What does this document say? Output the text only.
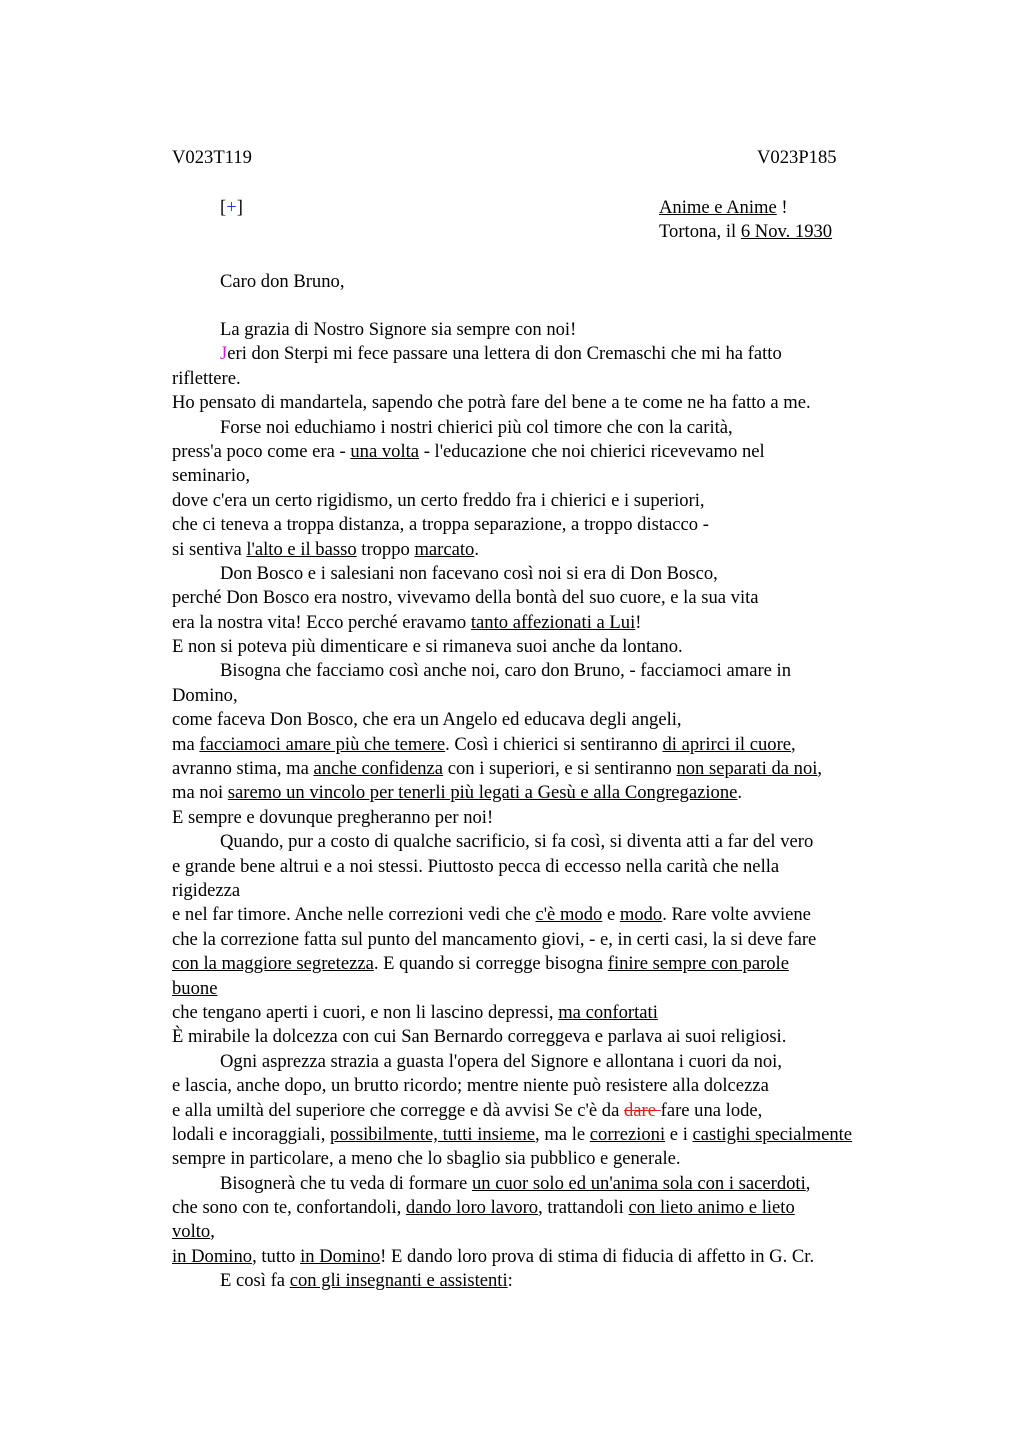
V023T119	V023P185
[+]	Anime e Anime !
Tortona, il 6 Nov. 1930
Caro don Bruno,
La grazia di Nostro Signore sia sempre con noi!
Jeri don Sterpi mi fece passare una lettera di don Cremaschi che mi ha fatto
riflettere.
Ho pensato di mandartela, sapendo che potrà fare del bene a te come ne ha fatto a me.
Forse noi educhiamo i nostri chierici più col timore che con la carità,
press'a poco come era - una volta - l'educazione che noi chierici ricevevamo nel
seminario,
dove c'era un certo rigidismo, un certo freddo fra i chierici e i superiori,
che ci teneva a troppa distanza, a troppa separazione, a troppo distacco -
si sentiva l'alto e il basso troppo marcato.
Don Bosco e i salesiani non facevano così noi si era di Don Bosco,
perché Don Bosco era nostro, vivevamo della bontà del suo cuore, e la sua vita
era la nostra vita! Ecco perché eravamo tanto affezionati a Lui!
E non si poteva più dimenticare e si rimaneva suoi anche da lontano.
Bisogna che facciamo così anche noi, caro don Bruno, - facciamoci amare in
Domino,
come faceva Don Bosco, che era un Angelo ed educava degli angeli,
ma facciamoci amare più che temere. Così i chierici si sentiranno di aprirci il cuore,
avranno stima, ma anche confidenza con i superiori, e si sentiranno non separati da noi,
ma noi saremo un vincolo per tenerli più legati a Gesù e alla Congregazione.
E sempre e dovunque pregheranno per noi!
Quando, pur a costo di qualche sacrificio, si fa così, si diventa atti a far del vero
e grande bene altrui e a noi stessi. Piuttosto pecca di eccesso nella carità che nella
rigidezza
e nel far timore. Anche nelle correzioni vedi che c'è modo e modo. Rare volte avviene
che la correzione fatta sul punto del mancamento giovi, - e, in certi casi, la si deve fare
con la maggiore segretezza. E quando si corregge bisogna finire sempre con parole
buone
che tengano aperti i cuori, e non li lascino depressi, ma confortati
È mirabile la dolcezza con cui San Bernardo correggeva e parlava ai suoi religiosi.
Ogni asprezza strazia a guasta l'opera del Signore e allontana i cuori da noi,
e lascia, anche dopo, un brutto ricordo; mentre niente può resistere alla dolcezza
e alla umiltà del superiore che corregge e dà avvisi Se c'è da dare fare una lode,
lodali e incoraggiali, possibilmente, tutti insieme, ma le correzioni e i castighi specialmente
sempre in particolare, a meno che lo sbaglio sia pubblico e generale.
Bisognerà che tu veda di formare un cuor solo ed un'anima sola con i sacerdoti,
che sono con te, confortandoli, dando loro lavoro, trattandoli con lieto animo e lieto
volto,
in Domino, tutto in Domino! E dando loro prova di stima di fiducia di affetto in G. Cr.
E così fa con gli insegnanti e assistenti:
